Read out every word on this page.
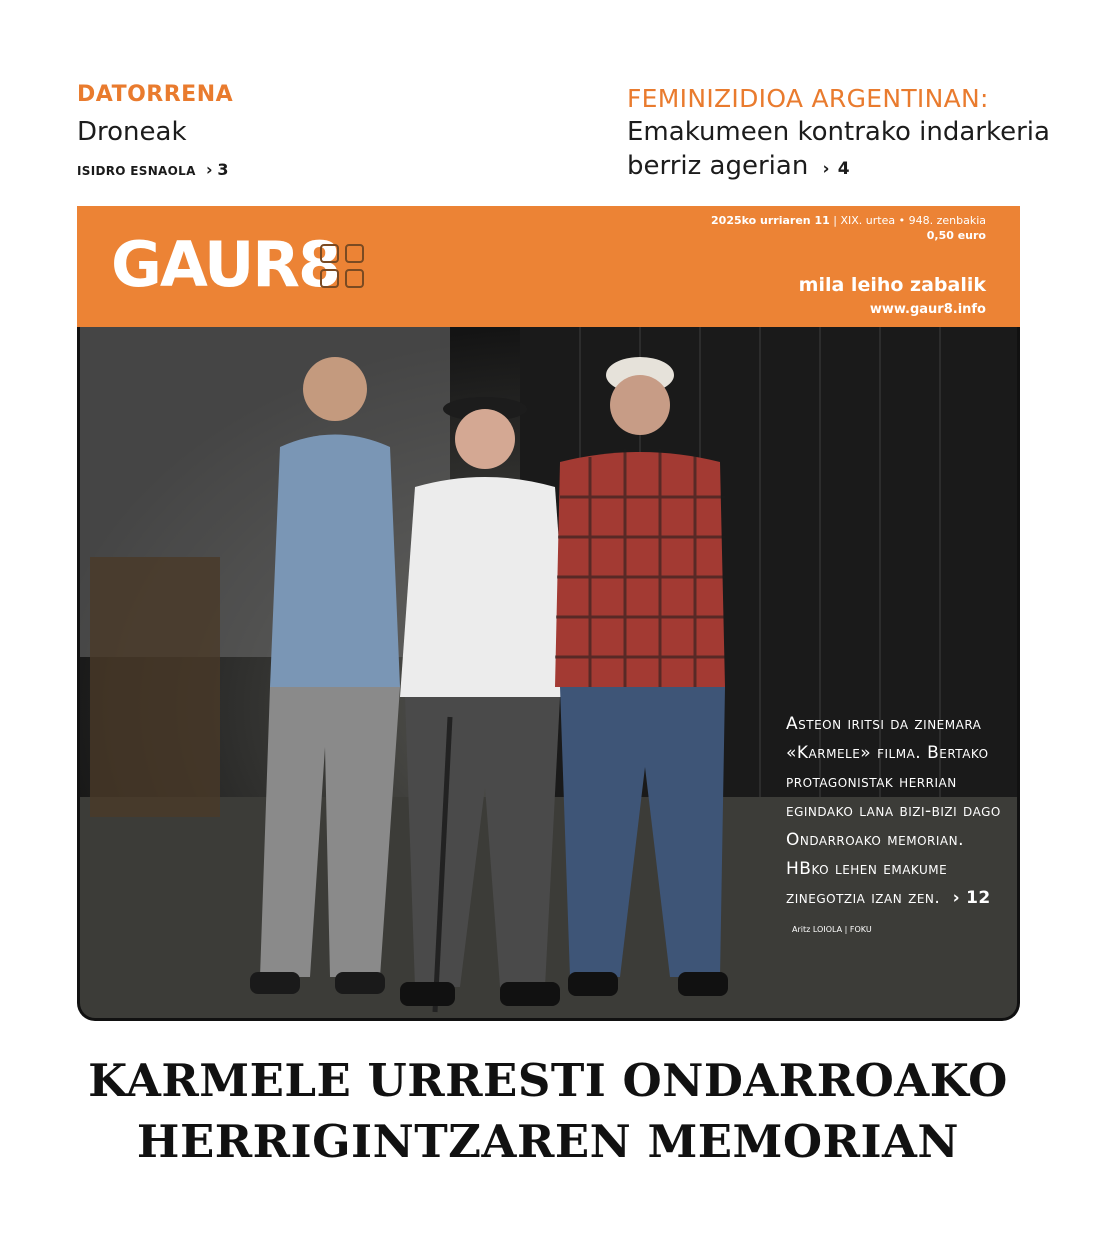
DATORRENA
Droneak
ISIDRO ESNAOLA  › 3
FEMINIZIDIOA ARGENTINAN:
Emakumeen kontrako indarkeria
berriz agerian  › 4
GAUR8
2025ko urriaren 11 | XIX. urtea • 948. zenbakia
0,50 euro
mila leiho zabalik
www.gaur8.info
Asteon iritsi da zinemara «Karmele» filma. Bertako protagonistak herrian egindako lana bizi-bizi dago Ondarroako memorian. HBko lehen emakume zinegotzia izan zen.  › 12 Aritz LOIOLA | FOKU
KARMELE URRESTI ONDARROAKO
HERRIGINTZAREN MEMORIAN
